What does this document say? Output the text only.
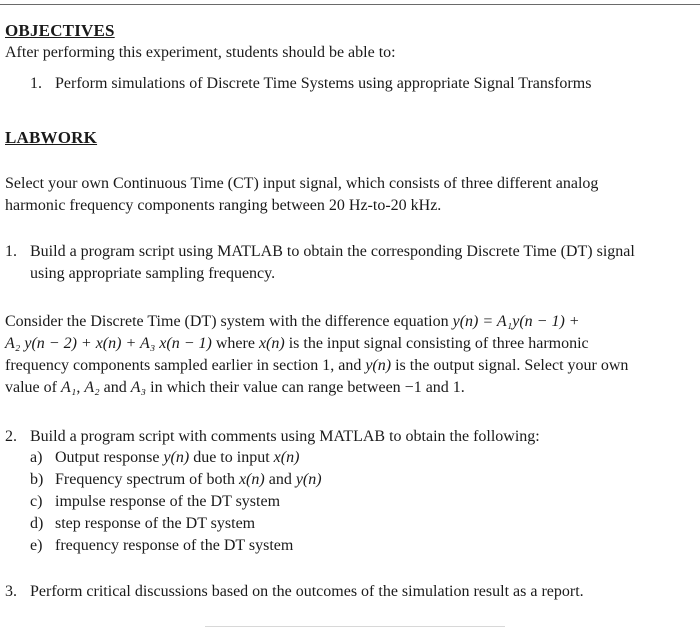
OBJECTIVES
After performing this experiment, students should be able to:
1. Perform simulations of Discrete Time Systems using appropriate Signal Transforms
LABWORK
Select your own Continuous Time (CT) input signal, which consists of three different analog
harmonic frequency components ranging between 20 Hz-to-20 kHz.
1. Build a program script using MATLAB to obtain the corresponding Discrete Time (DT) signal
using appropriate sampling frequency.
Consider the Discrete Time (DT) system with the difference equation y(n) = A₁y(n − 1) +
A₂ y(n − 2) + x(n) + A₃ x(n − 1) where x(n) is the input signal consisting of three harmonic
frequency components sampled earlier in section 1, and y(n) is the output signal. Select your own
value of A₁, A₂ and A₃ in which their value can range between −1 and 1.
2. Build a program script with comments using MATLAB to obtain the following:
a) Output response y(n) due to input x(n)
b) Frequency spectrum of both x(n) and y(n)
c) impulse response of the DT system
d) step response of the DT system
e) frequency response of the DT system
3. Perform critical discussions based on the outcomes of the simulation result as a report.
